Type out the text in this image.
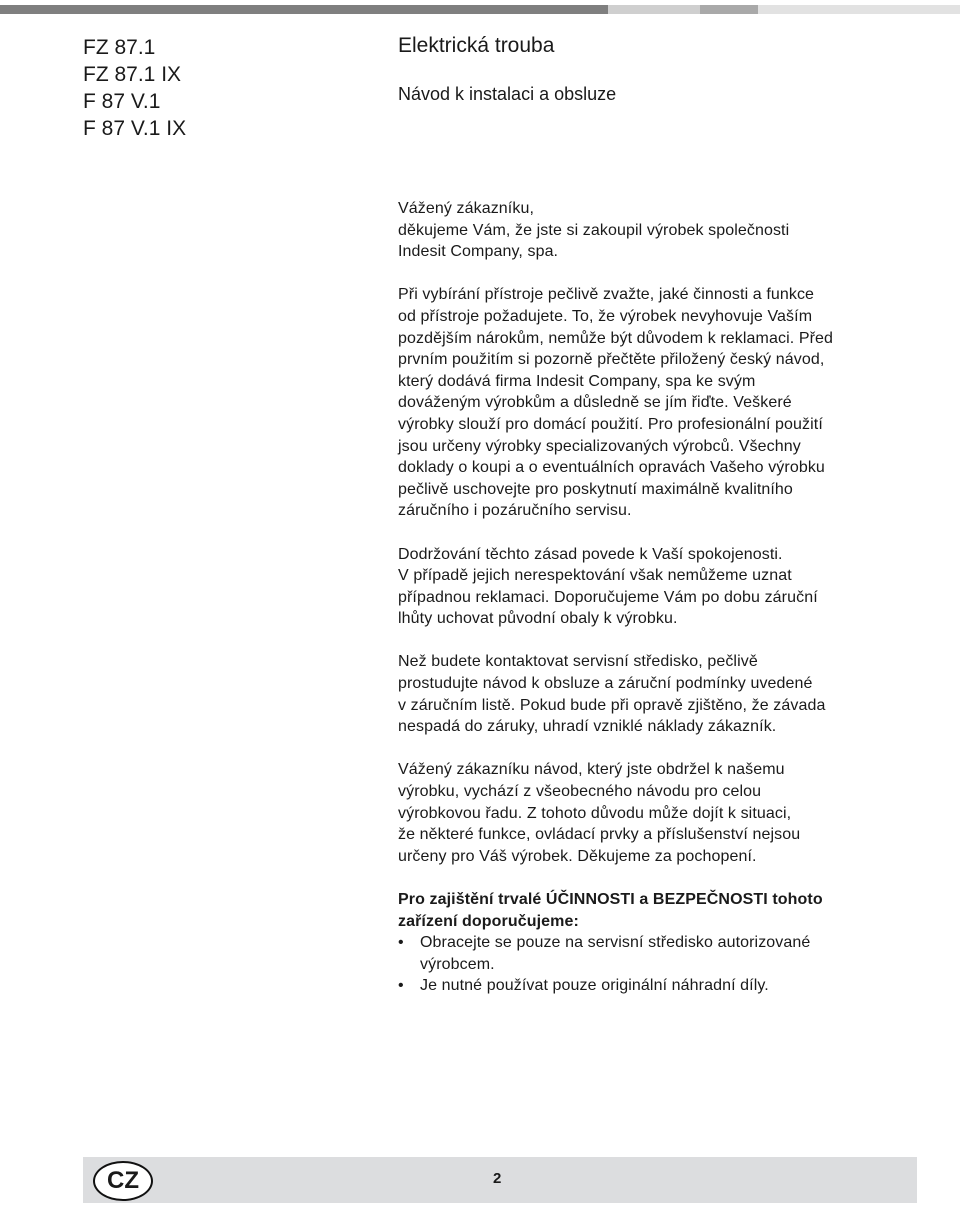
FZ 87.1
FZ 87.1 IX
F 87 V.1
F 87 V.1 IX
Elektrická trouba
Návod k instalaci a obsluze
Vážený zákazníku,
děkujeme Vám, že jste si zakoupil výrobek společnosti
Indesit Company, spa.
Při vybírání přístroje pečlivě zvažte, jaké činnosti a funkce
od přístroje požadujete. To, že výrobek nevyhovuje Vaším
pozdějším nárokům, nemůže být důvodem k reklamaci. Před
prvním použitím si pozorně přečtěte přiložený český návod,
který dodává firma Indesit Company, spa ke svým
dováženým výrobkům a důsledně se jím řiďte. Veškeré
výrobky slouží pro domácí použití. Pro profesionální použití
jsou určeny výrobky specializovaných výrobců. Všechny
doklady o koupi a o eventuálních opravách Vašeho výrobku
pečlivě uschovejte pro poskytnutí maximálně kvalitního
záručního i pozáručního servisu.
Dodržování těchto zásad povede k Vaší spokojenosti.
V případě jejich nerespektování však nemůžeme uznat
případnou reklamaci. Doporučujeme Vám po dobu záruční
lhůty uchovat původní obaly k výrobku.
Než budete kontaktovat servisní středisko, pečlivě
prostudujte návod k obsluze a záruční podmínky uvedené
v záručním listě. Pokud bude při opravě zjištěno, že závada
nespadá do záruky, uhradí vzniklé náklady zákazník.
Vážený zákazníku návod, který jste obdržel k našemu
výrobku, vychází z všeobecného návodu pro celou
výrobkovou řadu. Z tohoto důvodu může dojít k situaci,
že některé funkce, ovládací prvky a příslušenství nejsou
určeny pro Váš výrobek. Děkujeme za pochopení.
Pro zajištění trvalé ÚČINNOSTI a BEZPEČNOSTI tohoto
zařízení doporučujeme:
• Obracejte se pouze na servisní středisko autorizované
výrobcem.
• Je nutné používat pouze originální náhradní díly.
CZ	2
